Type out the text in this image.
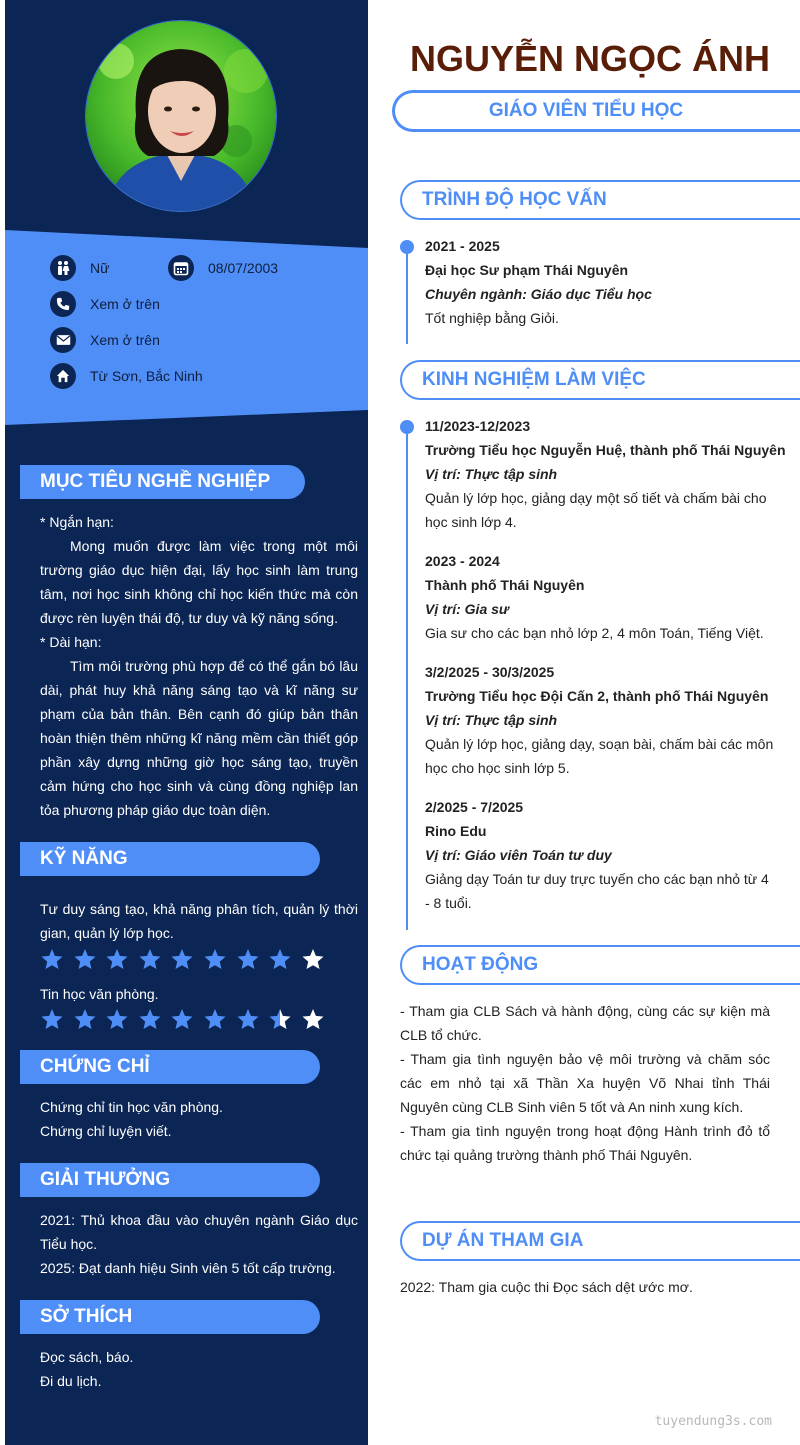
Nữ	08/07/2003
Xem ở trên
Xem ở trên
Từ Sơn, Bắc Ninh
MỤC TIÊU NGHỀ NGHIỆP

* Ngắn hạn:

Mong muốn được làm việc trong một môi trường giáo dục hiện đại, lấy học sinh làm trung tâm, nơi học sinh không chỉ học kiến thức mà còn được rèn luyện thái độ, tư duy và kỹ năng sống.

* Dài hạn:

Tìm môi trường phù hợp để có thể gắn bó lâu dài, phát huy khả năng sáng tạo và kĩ năng sư phạm của bản thân. Bên cạnh đó giúp bản thân hoàn thiện thêm những kĩ năng mềm cần thiết góp phần xây dựng những giờ học sáng tạo, truyền cảm hứng cho học sinh và cùng đồng nghiệp lan tỏa phương pháp giáo dục toàn diện.

KỸ NĂNG
Tư duy sáng tạo, khả năng phân tích, quản lý thời gian, quản lý lớp học.
Tin học văn phòng.
CHỨNG CHỈ

Chứng chỉ tin học văn phòng.

Chứng chỉ luyện viết.

GIẢI THƯỞNG

2021: Thủ khoa đầu vào chuyên ngành Giáo dục Tiểu học.

2025: Đạt danh hiệu Sinh viên 5 tốt cấp trường.

SỞ THÍCH

Đọc sách, báo.

Đi du lịch.

NGUYỄN NGỌC ÁNH
GIÁO VIÊN TIỂU HỌC
TRÌNH ĐỘ HỌC VẤN
2021 - 2025
Đại học Sư phạm Thái Nguyên
Chuyên ngành: Giáo dục Tiểu học
Tốt nghiệp bằng Giỏi.
KINH NGHIỆM LÀM VIỆC
11/2023-12/2023
Trường Tiểu học Nguyễn Huệ, thành phố Thái Nguyên
Vị trí: Thực tập sinh
Quản lý lớp học, giảng dạy một số tiết và chấm bài cho học sinh lớp 4.
2023 - 2024
Thành phố Thái Nguyên
Vị trí: Gia sư
Gia sư cho các bạn nhỏ lớp 2, 4 môn Toán, Tiếng Việt.
3/2/2025 - 30/3/2025
Trường Tiểu học Đội Cấn 2, thành phố Thái Nguyên
Vị trí: Thực tập sinh
Quản lý lớp học, giảng dạy, soạn bài, chấm bài các môn học cho học sinh lớp 5.
2/2025 - 7/2025
Rino Edu
Vị trí: Giáo viên Toán tư duy
Giảng dạy Toán tư duy trực tuyến cho các bạn nhỏ từ 4 - 8 tuổi.
HOẠT ĐỘNG

- Tham gia CLB Sách và hành động, cùng các sự kiện mà CLB tổ chức.

- Tham gia tình nguyện bảo vệ môi trường và chăm sóc các em nhỏ tại xã Thần Xa huyện Võ Nhai tỉnh Thái Nguyên cùng CLB Sinh viên 5 tốt và An ninh xung kích.

- Tham gia tình nguyện trong hoạt động Hành trình đỏ tổ chức tại quảng trường thành phố Thái Nguyên.

DỰ ÁN THAM GIA

2022: Tham gia cuộc thi Đọc sách dệt ước mơ.

tuyendung3s.com
